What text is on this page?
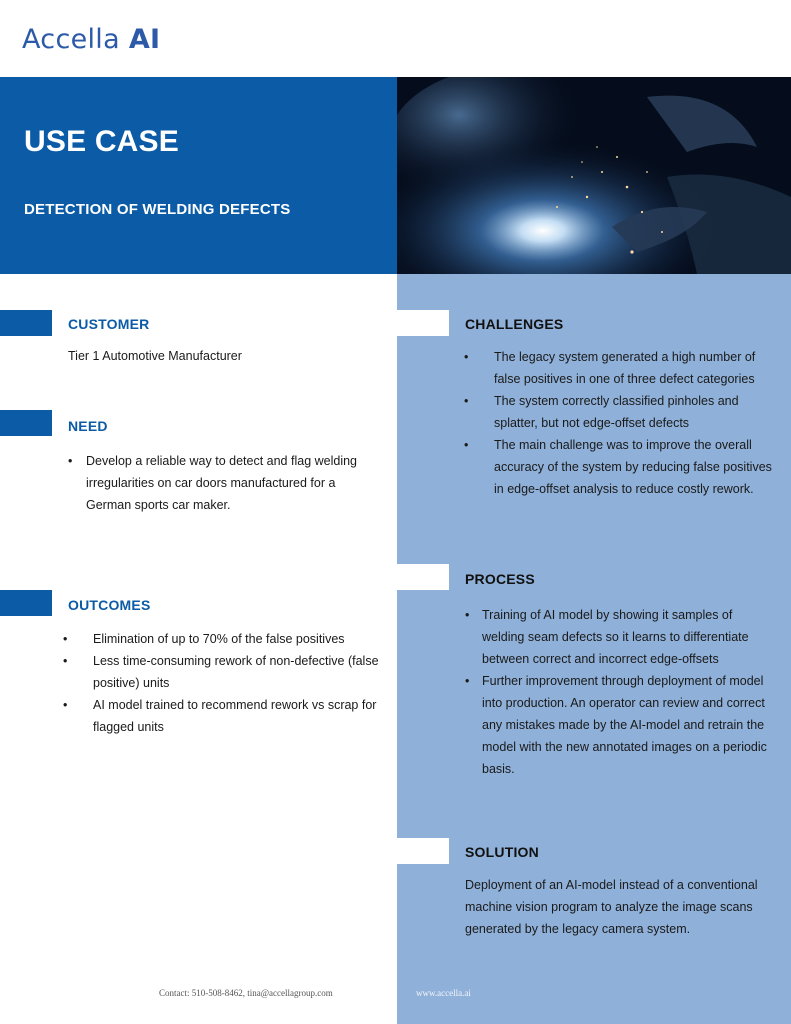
Accella AI
USE CASE
DETECTION OF WELDING DEFECTS
CUSTOMER
Tier 1 Automotive Manufacturer
NEED
• Develop a reliable way to detect and flag welding irregularities on car doors manufactured for a German sports car maker.
OUTCOMES
• Elimination of up to 70% of the false positives
• Less time-consuming rework of non-defective (false positive) units
• AI model trained to recommend rework vs scrap for flagged units
CHALLENGES
• The legacy system generated a high number of false positives in one of three defect categories
• The system correctly classified pinholes and splatter, but not edge-offset defects
• The main challenge was to improve the overall accuracy of the system by reducing false positives in edge-offset analysis to reduce costly rework.
PROCESS
• Training of AI model by showing it samples of welding seam defects so it learns to differentiate between correct and incorrect edge-offsets
• Further improvement through deployment of model into production. An operator can review and correct any mistakes made by the AI-model and retrain the model with the new annotated images on a periodic basis.
SOLUTION
Deployment of an AI-model instead of a conventional machine vision program to analyze the image scans generated by the legacy camera system.
Contact: 510-508-8462, tina@accellagroup.com	www.accella.ai
